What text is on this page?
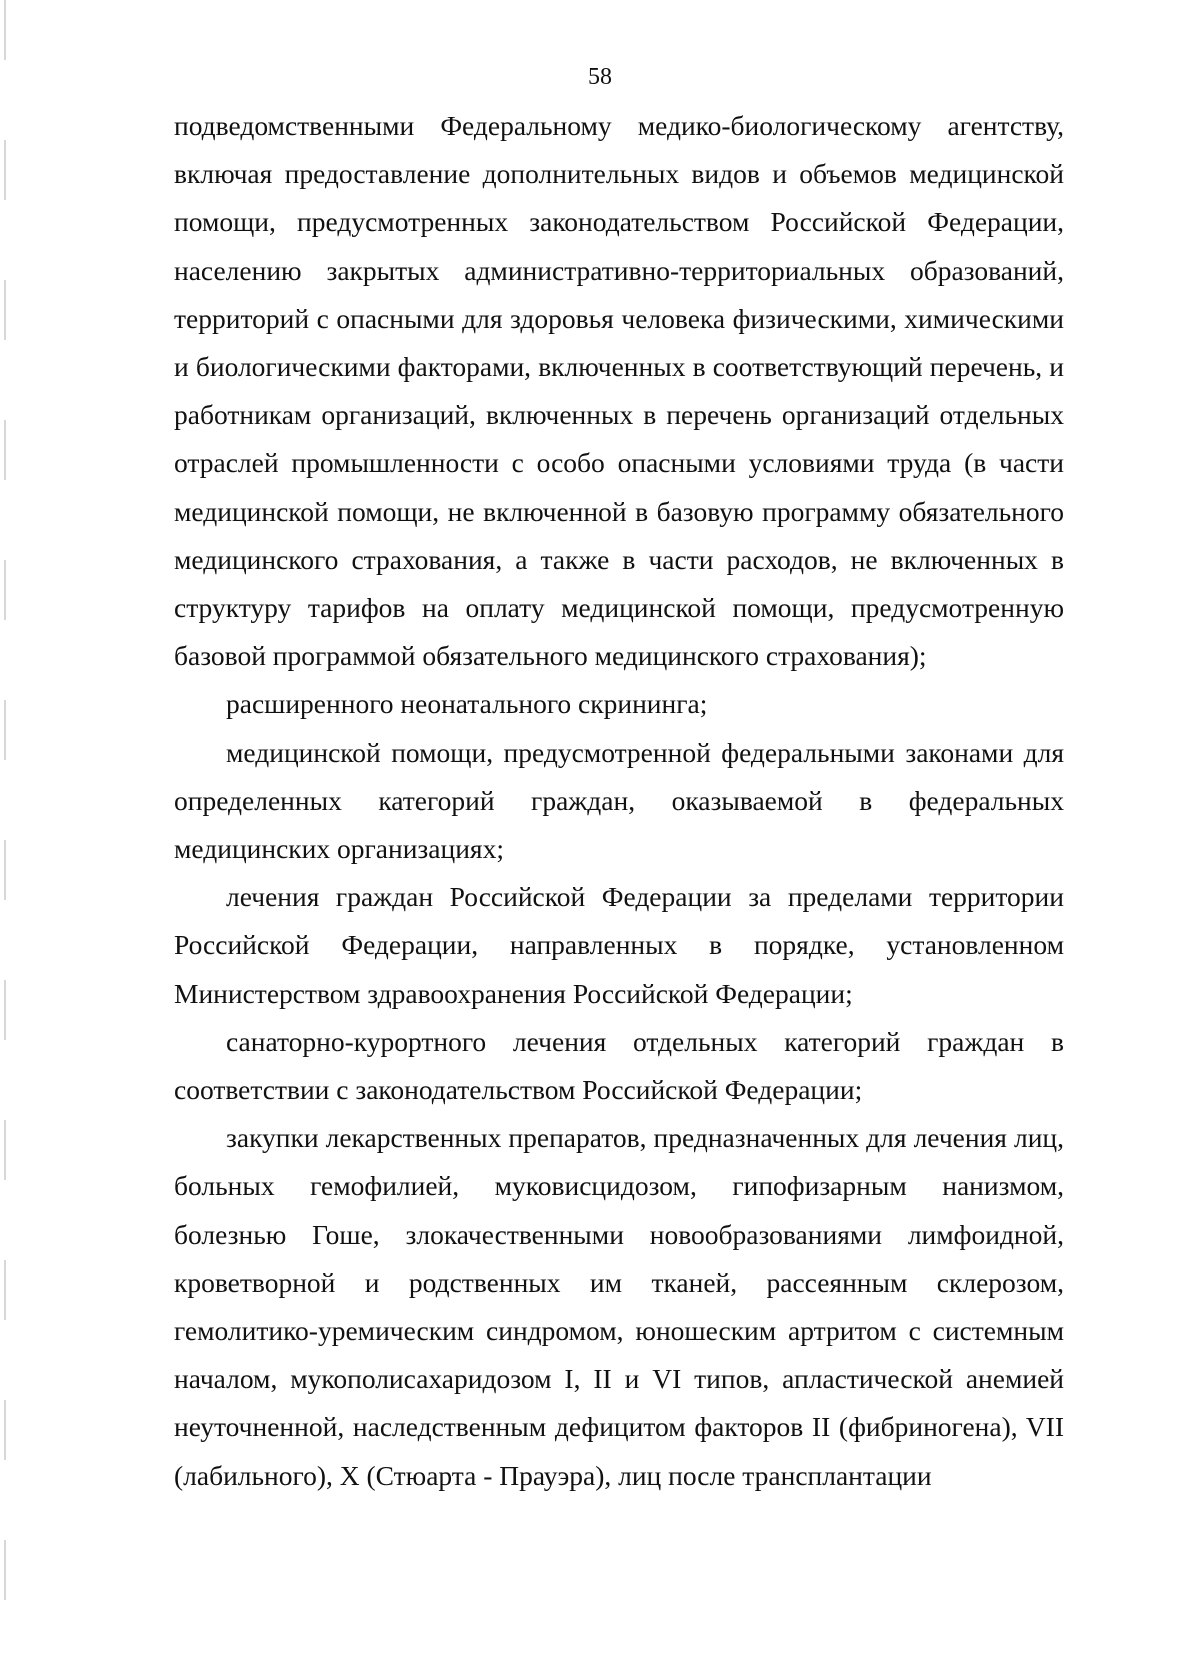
58

подведомственными Федеральному медико-биологическому агентству, включая предоставление дополнительных видов и объемов медицинской помощи, предусмотренных законодательством Российской Федерации, населению закрытых административно-территориальных образований, территорий с опасными для здоровья человека физическими, химическими и биологическими факторами, включенных в соответствующий перечень, и работникам организаций, включенных в перечень организаций отдельных отраслей промышленности с особо опасными условиями труда (в части медицинской помощи, не включенной в базовую программу обязательного медицинского страхования, а также в части расходов, не включенных в структуру тарифов на оплату медицинской помощи, предусмотренную базовой программой обязательного медицинского страхования);

расширенного неонатального скрининга;

медицинской помощи, предусмотренной федеральными законами для определенных категорий граждан, оказываемой в федеральных медицинских организациях;

лечения граждан Российской Федерации за пределами территории Российской Федерации, направленных в порядке, установленном Министерством здравоохранения Российской Федерации;

санаторно-курортного лечения отдельных категорий граждан в соответствии с законодательством Российской Федерации;

закупки лекарственных препаратов, предназначенных для лечения лиц, больных гемофилией, муковисцидозом, гипофизарным нанизмом, болезнью Гоше, злокачественными новообразованиями лимфоидной, кроветворной и родственных им тканей, рассеянным склерозом, гемолитико-уремическим синдромом, юношеским артритом с системным началом, мукополисахаридозом I, II и VI типов, апластической анемией неуточненной, наследственным дефицитом факторов II (фибриногена), VII (лабильного), X (Стюарта - Прауэра), лиц после трансплантации
